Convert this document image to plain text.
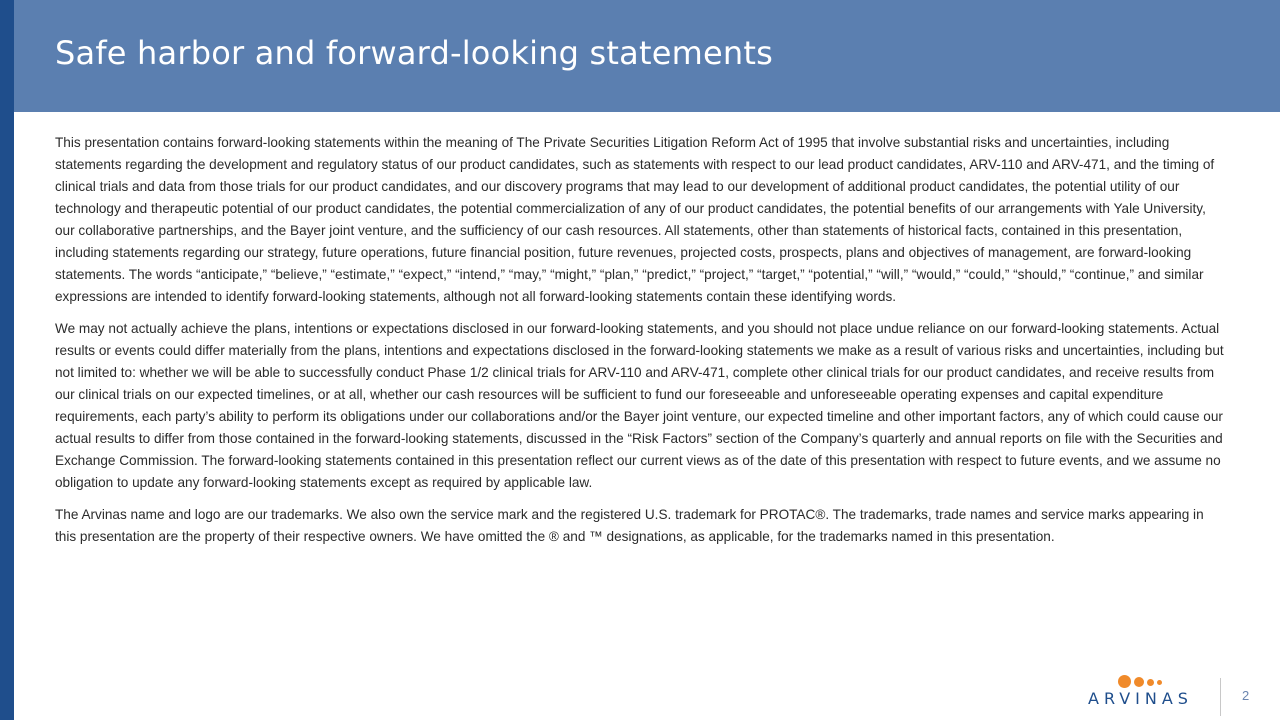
Safe harbor and forward-looking statements

This presentation contains forward-looking statements within the meaning of The Private Securities Litigation Reform Act of 1995 that involve substantial risks and uncertainties, including statements regarding the development and regulatory status of our product candidates, such as statements with respect to our lead product candidates, ARV-110 and ARV-471, and the timing of clinical trials and data from those trials for our product candidates, and our discovery programs that may lead to our development of additional product candidates, the potential utility of our technology and therapeutic potential of our product candidates, the potential commercialization of any of our product candidates, the potential benefits of our arrangements with Yale University, our collaborative partnerships, and the Bayer joint venture, and the sufficiency of our cash resources. All statements, other than statements of historical facts, contained in this presentation, including statements regarding our strategy, future operations, future financial position, future revenues, projected costs, prospects, plans and objectives of management, are forward-looking statements. The words “anticipate,” “believe,” “estimate,” “expect,” “intend,” “may,” “might,” “plan,” “predict,” “project,” “target,” “potential,” “will,” “would,” “could,” “should,” “continue,” and similar expressions are intended to identify forward-looking statements, although not all forward-looking statements contain these identifying words.

We may not actually achieve the plans, intentions or expectations disclosed in our forward-looking statements, and you should not place undue reliance on our forward-looking statements. Actual results or events could differ materially from the plans, intentions and expectations disclosed in the forward-looking statements we make as a result of various risks and uncertainties, including but not limited to: whether we will be able to successfully conduct Phase 1/2 clinical trials for ARV-110 and ARV-471, complete other clinical trials for our product candidates, and receive results from our clinical trials on our expected timelines, or at all, whether our cash resources will be sufficient to fund our foreseeable and unforeseeable operating expenses and capital expenditure requirements, each party’s ability to perform its obligations under our collaborations and/or the Bayer joint venture, our expected timeline and other important factors, any of which could cause our actual results to differ from those contained in the forward-looking statements, discussed in the “Risk Factors” section of the Company’s quarterly and annual reports on file with the Securities and Exchange Commission. The forward-looking statements contained in this presentation reflect our current views as of the date of this presentation with respect to future events, and we assume no obligation to update any forward-looking statements except as required by applicable law.

The Arvinas name and logo are our trademarks. We also own the service mark and the registered U.S. trademark for PROTAC®. The trademarks, trade names and service marks appearing in this presentation are the property of their respective owners. We have omitted the ® and ™ designations, as applicable, for the trademarks named in this presentation.

ARVINAS	2
